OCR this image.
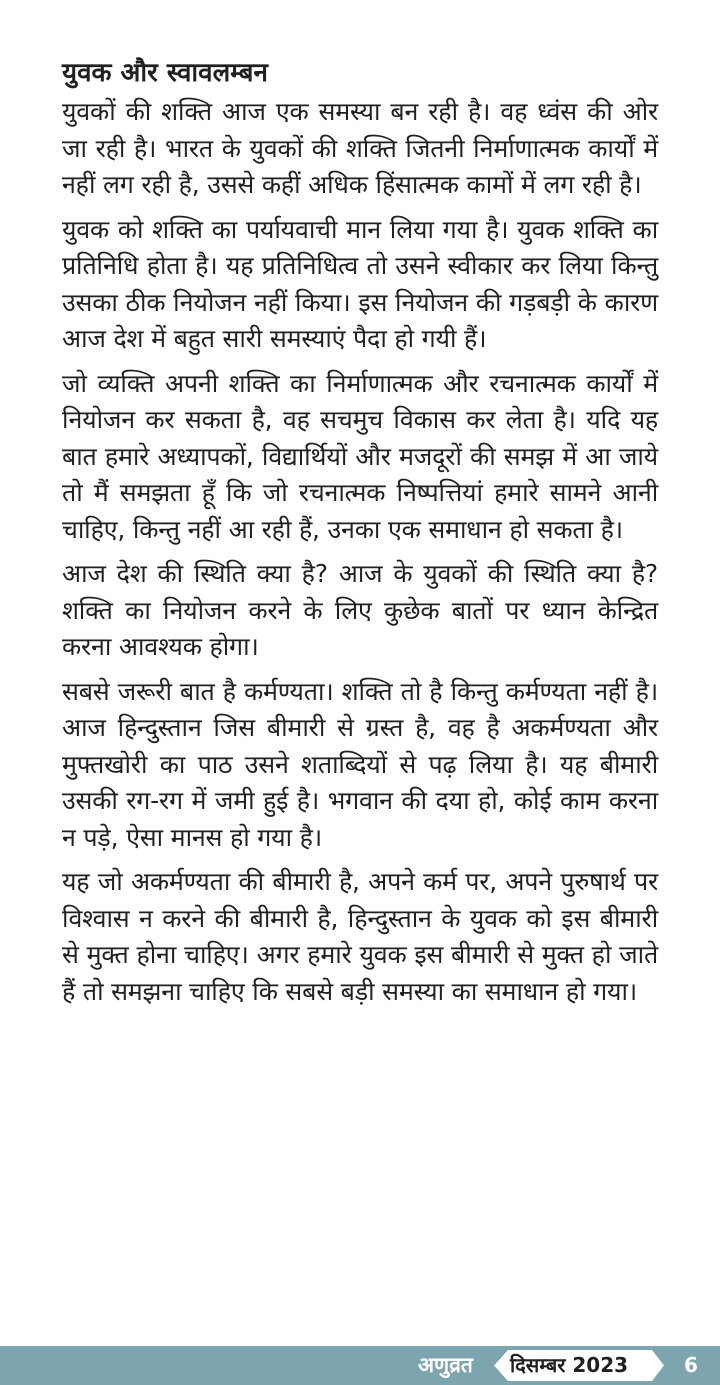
युवक और स्वावलम्बन

युवकों की शक्ति आज एक समस्या बन रही है। वह ध्वंस की ओर जा रही है। भारत के युवकों की शक्ति जितनी निर्माणात्मक कार्यों में नहीं लग रही है, उससे कहीं अधिक हिंसात्मक कामों में लग रही है।

युवक को शक्ति का पर्यायवाची मान लिया गया है। युवक शक्ति का प्रतिनिधि होता है। यह प्रतिनिधित्व तो उसने स्वीकार कर लिया किन्तु उसका ठीक नियोजन नहीं किया। इस नियोजन की गड़बड़ी के कारण आज देश में बहुत सारी समस्याएं पैदा हो गयी हैं।

जो व्यक्ति अपनी शक्ति का निर्माणात्मक और रचनात्मक कार्यों में नियोजन कर सकता है, वह सचमुच विकास कर लेता है। यदि यह बात हमारे अध्यापकों, विद्यार्थियों और मजदूरों की समझ में आ जाये तो मैं समझता हूँ कि जो रचनात्मक निष्पत्तियां हमारे सामने आनी चाहिए, किन्तु नहीं आ रही हैं, उनका एक समाधान हो सकता है।

आज देश की स्थिति क्या है? आज के युवकों की स्थिति क्या है? शक्ति का नियोजन करने के लिए कुछेक बातों पर ध्यान केन्द्रित करना आवश्यक होगा।

सबसे जरूरी बात है कर्मण्यता। शक्ति तो है किन्तु कर्मण्यता नहीं है। आज हिन्दुस्तान जिस बीमारी से ग्रस्त है, वह है अकर्मण्यता और मुफ्तखोरी का पाठ उसने शताब्दियों से पढ़ लिया है। यह बीमारी उसकी रग-रग में जमी हुई है। भगवान की दया हो, कोई काम करना न पड़े, ऐसा मानस हो गया है।

यह जो अकर्मण्यता की बीमारी है, अपने कर्म पर, अपने पुरुषार्थ पर विश्वास न करने की बीमारी है, हिन्दुस्तान के युवक को इस बीमारी से मुक्त होना चाहिए। अगर हमारे युवक इस बीमारी से मुक्त हो जाते हैं तो समझना चाहिए कि सबसे बड़ी समस्या का समाधान हो गया।

अणुव्रत दिसम्बर 2023	6
